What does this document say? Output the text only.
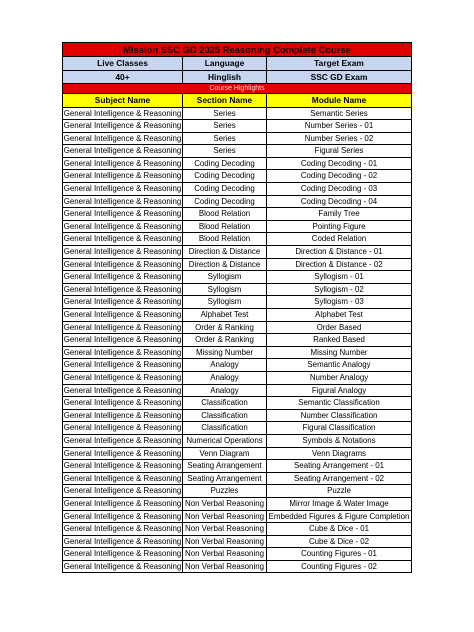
Mission SSC GD 2025 Reasoning Complete Course		
Live Classes	Language	Target Exam
40+	Hinglish	SSC GD Exam
Course Highlights		
Subject Name	Section Name	Module Name
General Intelligence & Reasoning	Series	Semantic Series
General Intelligence & Reasoning	Series	Number Series - 01
General Intelligence & Reasoning	Series	Number Series - 02
General Intelligence & Reasoning	Series	Figural Series
General Intelligence & Reasoning	Coding Decoding	Coding Decoding - 01
General Intelligence & Reasoning	Coding Decoding	Coding Decoding - 02
General Intelligence & Reasoning	Coding Decoding	Coding Decoding - 03
General Intelligence & Reasoning	Coding Decoding	Coding Decoding - 04
General Intelligence & Reasoning	Blood Relation	Family Tree
General Intelligence & Reasoning	Blood Relation	Pointing Figure
General Intelligence & Reasoning	Blood Relation	Coded Relation
General Intelligence & Reasoning	Direction & Distance	Direction & Distance - 01
General Intelligence & Reasoning	Direction & Distance	Direction & Distance - 02
General Intelligence & Reasoning	Syllogism	Syllogism - 01
General Intelligence & Reasoning	Syllogism	Syllogism - 02
General Intelligence & Reasoning	Syllogism	Syllogism - 03
General Intelligence & Reasoning	Alphabet Test	Alphabet Test
General Intelligence & Reasoning	Order & Ranking	Order Based
General Intelligence & Reasoning	Order & Ranking	Ranked Based
General Intelligence & Reasoning	Missing Number	Missing Number
General Intelligence & Reasoning	Analogy	Semantic Analogy
General Intelligence & Reasoning	Analogy	Number Analogy
General Intelligence & Reasoning	Analogy	Figural Analogy
General Intelligence & Reasoning	Classification	Semantic Classification
General Intelligence & Reasoning	Classification	Number Classification
General Intelligence & Reasoning	Classification	Figural Classification
General Intelligence & Reasoning	Numerical Operations	Symbols & Notations
General Intelligence & Reasoning	Venn Diagram	Venn Diagrams
General Intelligence & Reasoning	Seating Arrangement	Seating Arrangement - 01
General Intelligence & Reasoning	Seating Arrangement	Seating Arrangement - 02
General Intelligence & Reasoning	Puzzles	Puzzle
General Intelligence & Reasoning	Non Verbal Reasoning	Mirror Image & Water Image
General Intelligence & Reasoning	Non Verbal Reasoning	Embedded Figures & Figure Completion
General Intelligence & Reasoning	Non Verbal Reasoning	Cube & Dice - 01
General Intelligence & Reasoning	Non Verbal Reasoning	Cube & Dice - 02
General Intelligence & Reasoning	Non Verbal Reasoning	Counting Figures - 01
General Intelligence & Reasoning	Non Verbal Reasoning	Counting Figures - 02
